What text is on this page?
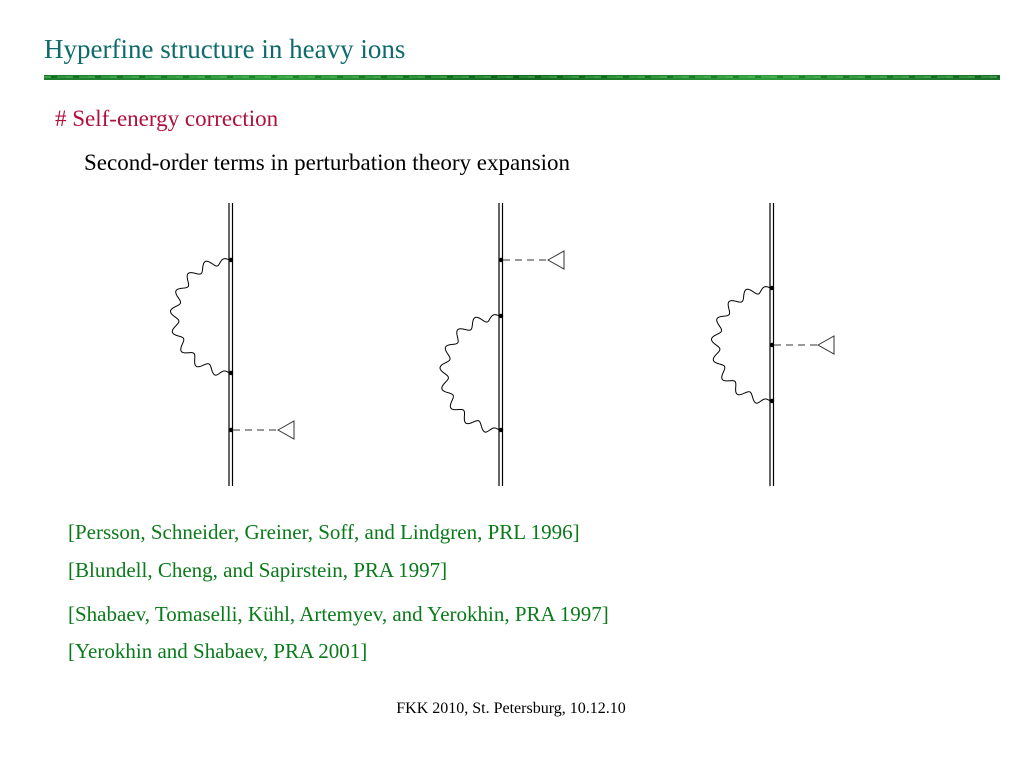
Hyperfine structure in heavy ions
# Self-energy correction
Second-order terms in perturbation theory expansion
[Persson, Schneider, Greiner, Soff, and Lindgren, PRL 1996]
[Blundell, Cheng, and Sapirstein, PRA 1997]
[Shabaev, Tomaselli, Kühl, Artemyev, and Yerokhin, PRA 1997]
[Yerokhin and Shabaev, PRA 2001]
FKK 2010, St. Petersburg, 10.12.10
